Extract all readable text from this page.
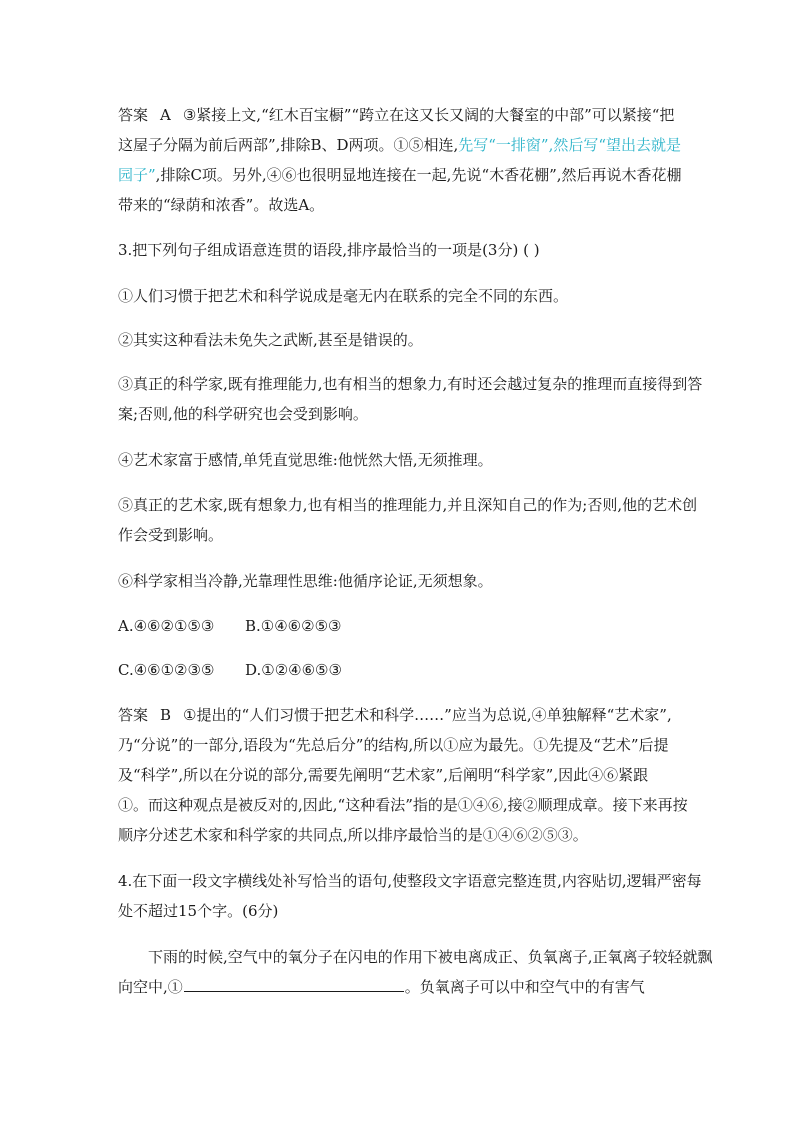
答案 A ③紧接上文,“红木百宝橱”“跨立在这又长又阔的大餐室的中部”可以紧接“把
这屋子分隔为前后两部”,排除B、D两项。①⑤相连,先写“一排窗”,然后写“望出去就是
园子”,排除C项。另外,④⑥也很明显地连接在一起,先说“木香花棚”,然后再说木香花棚
带来的“绿荫和浓香”。故选A。

3.把下列句子组成语意连贯的语段,排序最恰当的一项是(3分) ( )

①人们习惯于把艺术和科学说成是毫无内在联系的完全不同的东西。

②其实这种看法未免失之武断,甚至是错误的。

③真正的科学家,既有推理能力,也有相当的想象力,有时还会越过复杂的推理而直接得到答
案;否则,他的科学研究也会受到影响。

④艺术家富于感情,单凭直觉思维:他恍然大悟,无须推理。

⑤真正的艺术家,既有想象力,也有相当的推理能力,并且深知自己的作为;否则,他的艺术创
作会受到影响。

⑥科学家相当冷静,光靠理性思维:他循序论证,无须想象。

A.④⑥②①⑤③ B.①④⑥②⑤③
C.④⑥①②③⑤ D.①②④⑥⑤③
答案 B ①提出的“人们习惯于把艺术和科学……”应当为总说,④单独解释“艺术家”,
乃“分说”的一部分,语段为“先总后分”的结构,所以①应为最先。①先提及“艺术”后提
及“科学”,所以在分说的部分,需要先阐明“艺术家”,后阐明“科学家”,因此④⑥紧跟
①。而这种观点是被反对的,因此,“这种看法”指的是①④⑥,接②顺理成章。接下来再按
顺序分述艺术家和科学家的共同点,所以排序最恰当的是①④⑥②⑤③。
4.在下面一段文字横线处补写恰当的语句,使整段文字语意完整连贯,内容贴切,逻辑严密每
处不超过15个字。(6分)
下雨的时候,空气中的氧分子在闪电的作用下被电离成正、负氧离子,正氧离子较轻就飘
向空中,①	。负氧离子可以中和空气中的有害气
